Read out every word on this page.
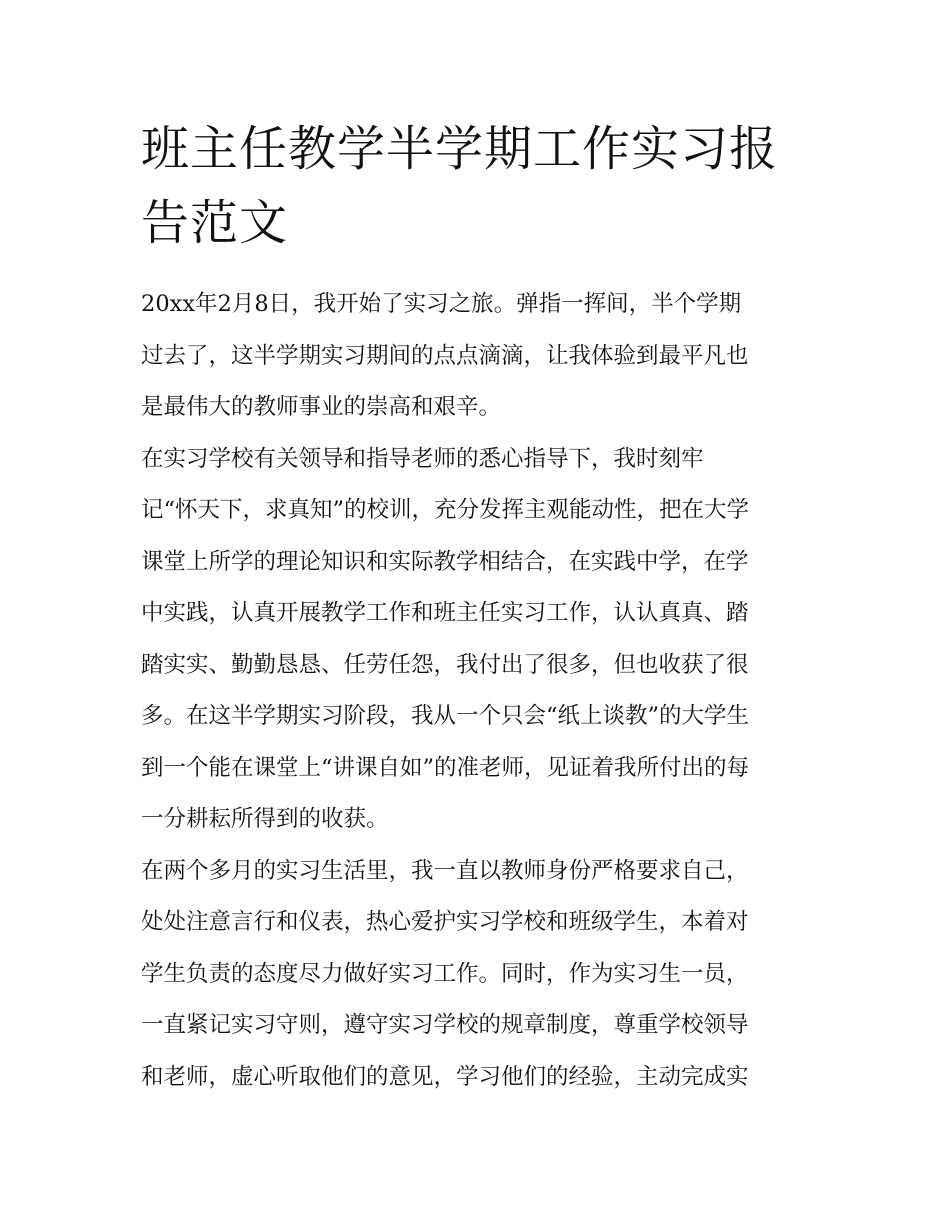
班主任教学半学期工作实习报
告范文
20xx年2月8日，我开始了实习之旅。弹指一挥间，半个学期
过去了，这半学期实习期间的点点滴滴，让我体验到最平凡也
是最伟大的教师事业的崇高和艰辛。
在实习学校有关领导和指导老师的悉心指导下，我时刻牢
记“怀天下，求真知”的校训，充分发挥主观能动性，把在大学
课堂上所学的理论知识和实际教学相结合，在实践中学，在学
中实践，认真开展教学工作和班主任实习工作，认认真真、踏
踏实实、勤勤恳恳、任劳任怨，我付出了很多，但也收获了很
多。在这半学期实习阶段，我从一个只会“纸上谈教”的大学生
到一个能在课堂上“讲课自如”的准老师，见证着我所付出的每
一分耕耘所得到的收获。
在两个多月的实习生活里，我一直以教师身份严格要求自己，
处处注意言行和仪表，热心爱护实习学校和班级学生，本着对
学生负责的态度尽力做好实习工作。同时，作为实习生一员，
一直紧记实习守则，遵守实习学校的规章制度，尊重学校领导
和老师，虚心听取他们的意见，学习他们的经验，主动完成实
